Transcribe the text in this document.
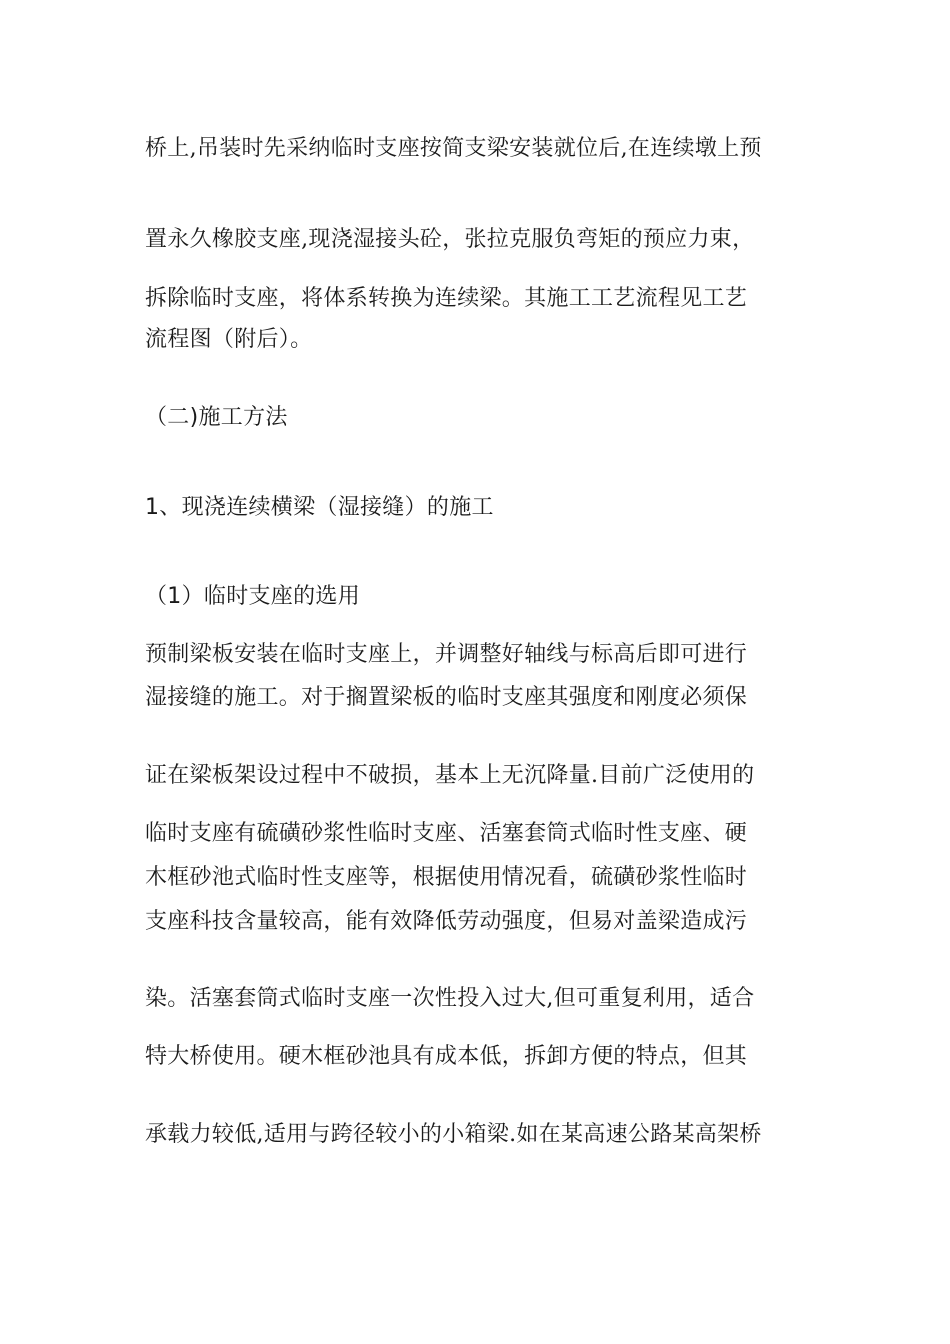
桥上,吊装时先采纳临时支座按简支梁安装就位后,在连续墩上预
置永久橡胶支座,现浇湿接头砼，张拉克服负弯矩的预应力束，
拆除临时支座，将体系转换为连续梁。其施工工艺流程见工艺
流程图（附后）。
（二)施工方法
1、现浇连续横梁（湿接缝）的施工
（1）临时支座的选用
预制梁板安装在临时支座上，并调整好轴线与标高后即可进行
湿接缝的施工。对于搁置梁板的临时支座其强度和刚度必须保
证在梁板架设过程中不破损，基本上无沉降量.目前广泛使用的
临时支座有硫磺砂浆性临时支座、活塞套筒式临时性支座、硬
木框砂池式临时性支座等，根据使用情况看，硫磺砂浆性临时
支座科技含量较高，能有效降低劳动强度，但易对盖梁造成污
染。活塞套筒式临时支座一次性投入过大,但可重复利用，适合
特大桥使用。硬木框砂池具有成本低，拆卸方便的特点，但其
承载力较低,适用与跨径较小的小箱梁.如在某高速公路某高架桥
